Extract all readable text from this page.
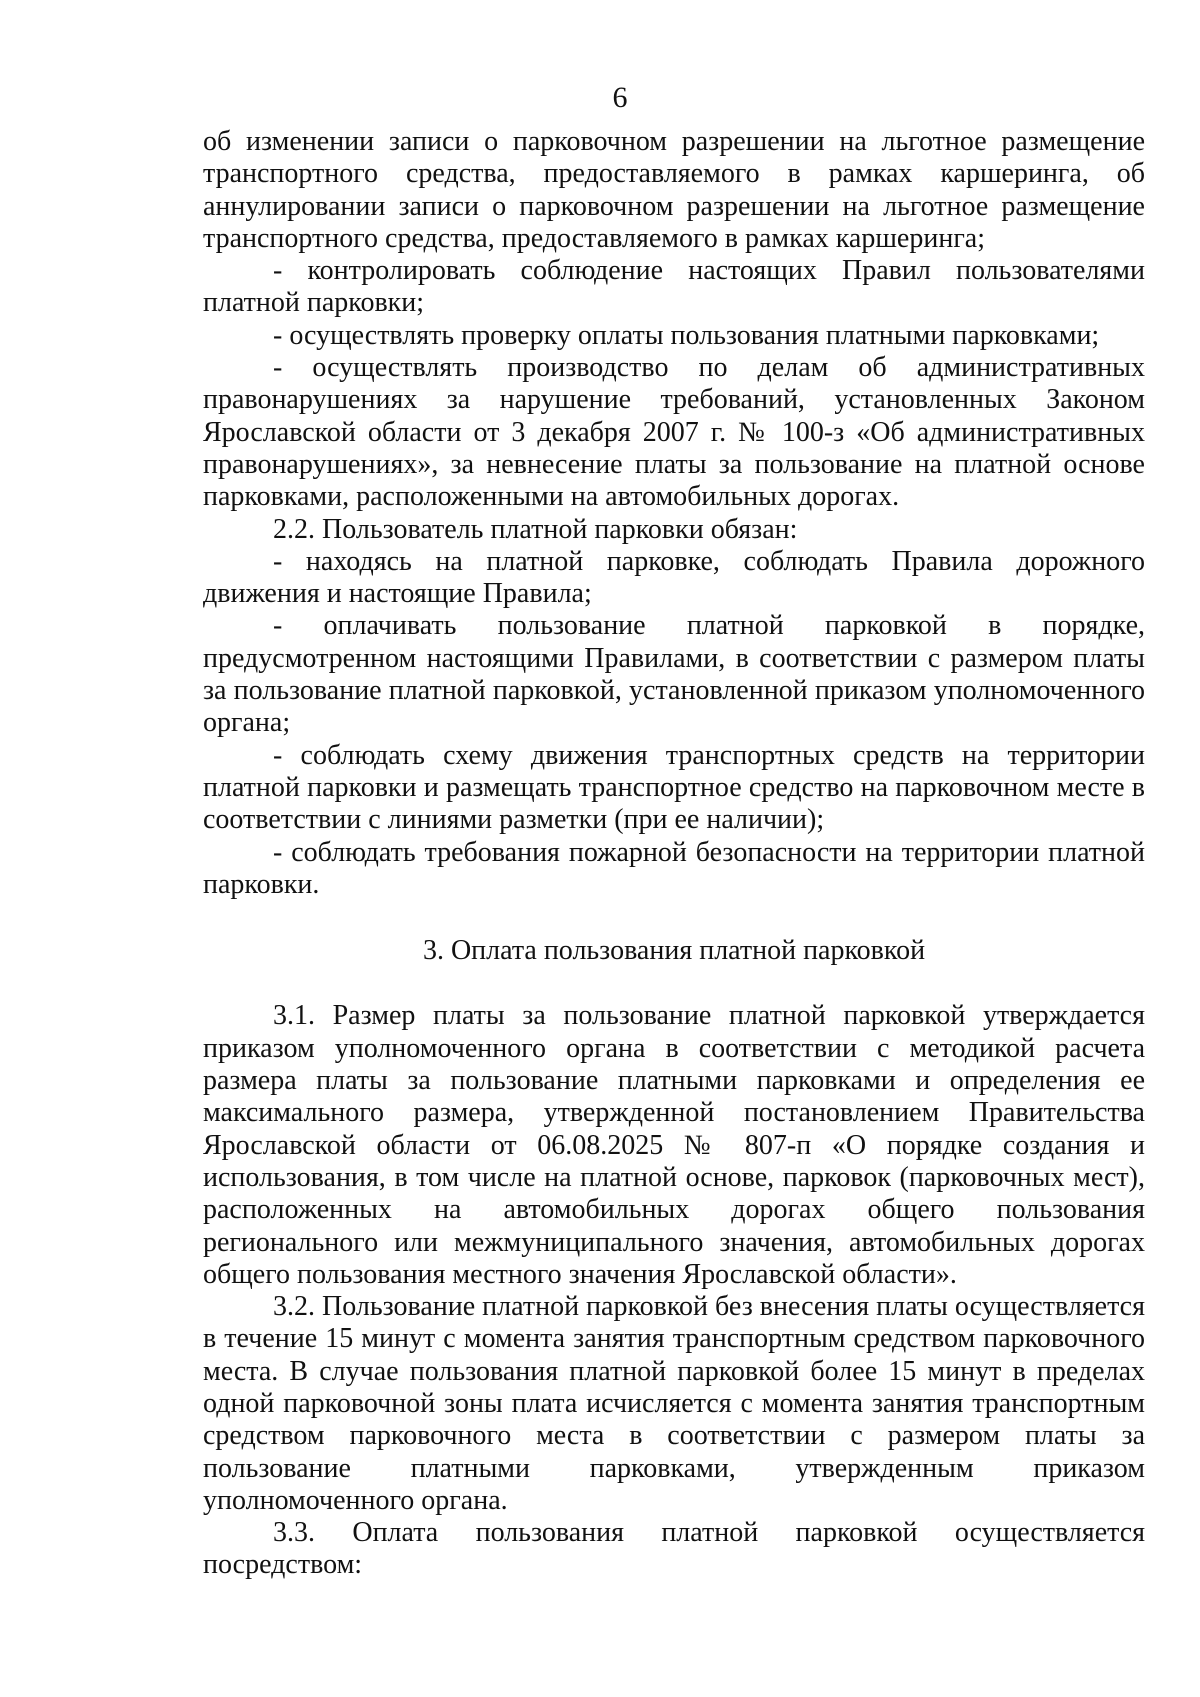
6

об изменении записи о парковочном разрешении на льготное размещение транспортного средства, предоставляемого в рамках каршеринга, об аннулировании записи о парковочном разрешении на льготное размещение транспортного средства, предоставляемого в рамках каршеринга;

- контролировать соблюдение настоящих Правил пользователями платной парковки;

- осуществлять проверку оплаты пользования платными парковками;

- осуществлять производство по делам об административных правонарушениях за нарушение требований, установленных Законом Ярославской области от 3 декабря 2007 г. № 100-з «Об административных правонарушениях», за невнесение платы за пользование на платной основе парковками, расположенными на автомобильных дорогах.

2.2. Пользователь платной парковки обязан:

- находясь на платной парковке, соблюдать Правила дорожного движения и настоящие Правила;

- оплачивать пользование платной парковкой в порядке, предусмотренном настоящими Правилами, в соответствии с размером платы за пользование платной парковкой, установленной приказом уполномоченного органа;

- соблюдать схему движения транспортных средств на территории платной парковки и размещать транспортное средство на парковочном месте в соответствии с линиями разметки (при ее наличии);

- соблюдать требования пожарной безопасности на территории платной парковки.

3. Оплата пользования платной парковкой

3.1. Размер платы за пользование платной парковкой утверждается приказом уполномоченного органа в соответствии с методикой расчета размера платы за пользование платными парковками и определения ее максимального размера, утвержденной постановлением Правительства Ярославской области от 06.08.2025 № 807-п «О порядке создания и использования, в том числе на платной основе, парковок (парковочных мест), расположенных на автомобильных дорогах общего пользования регионального или межмуниципального значения, автомобильных дорогах общего пользования местного значения Ярославской области».

3.2. Пользование платной парковкой без внесения платы осуществляется в течение 15 минут с момента занятия транспортным средством парковочного места. В случае пользования платной парковкой более 15 минут в пределах одной парковочной зоны плата исчисляется с момента занятия транспортным средством парковочного места в соответствии с размером платы за пользование платными парковками, утвержденным приказом уполномоченного органа.

3.3. Оплата пользования платной парковкой осуществляется посредством:
